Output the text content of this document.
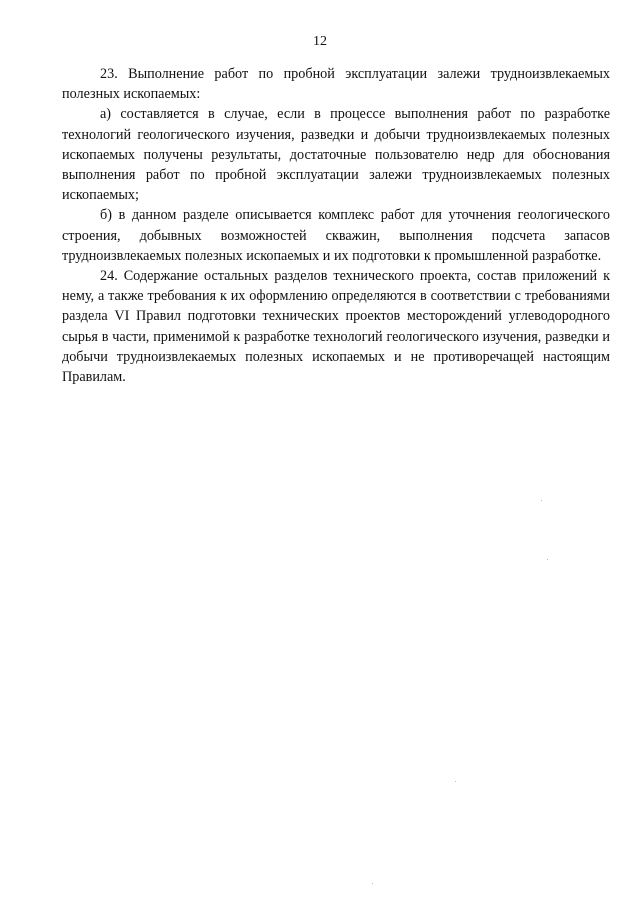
12

23. Выполнение работ по пробной эксплуатации залежи трудноизвлекаемых полезных ископаемых:

а) составляется в случае, если в процессе выполнения работ по разработке технологий геологического изучения, разведки и добычи трудноизвлекаемых полезных ископаемых получены результаты, достаточные пользователю недр для обоснования выполнения работ по пробной эксплуатации залежи трудноизвлекаемых полезных ископаемых;

б) в данном разделе описывается комплекс работ для уточнения геологического строения, добывных возможностей скважин, выполнения подсчета запасов трудноизвлекаемых полезных ископаемых и их подготовки к промышленной разработке.

24. Содержание остальных разделов технического проекта, состав приложений к нему, а также требования к их оформлению определяются в соответствии с требованиями раздела VI Правил подготовки технических проектов месторождений углеводородного сырья в части, применимой к разработке технологий геологического изучения, разведки и добычи трудноизвлекаемых полезных ископаемых и не противоречащей настоящим Правилам.
